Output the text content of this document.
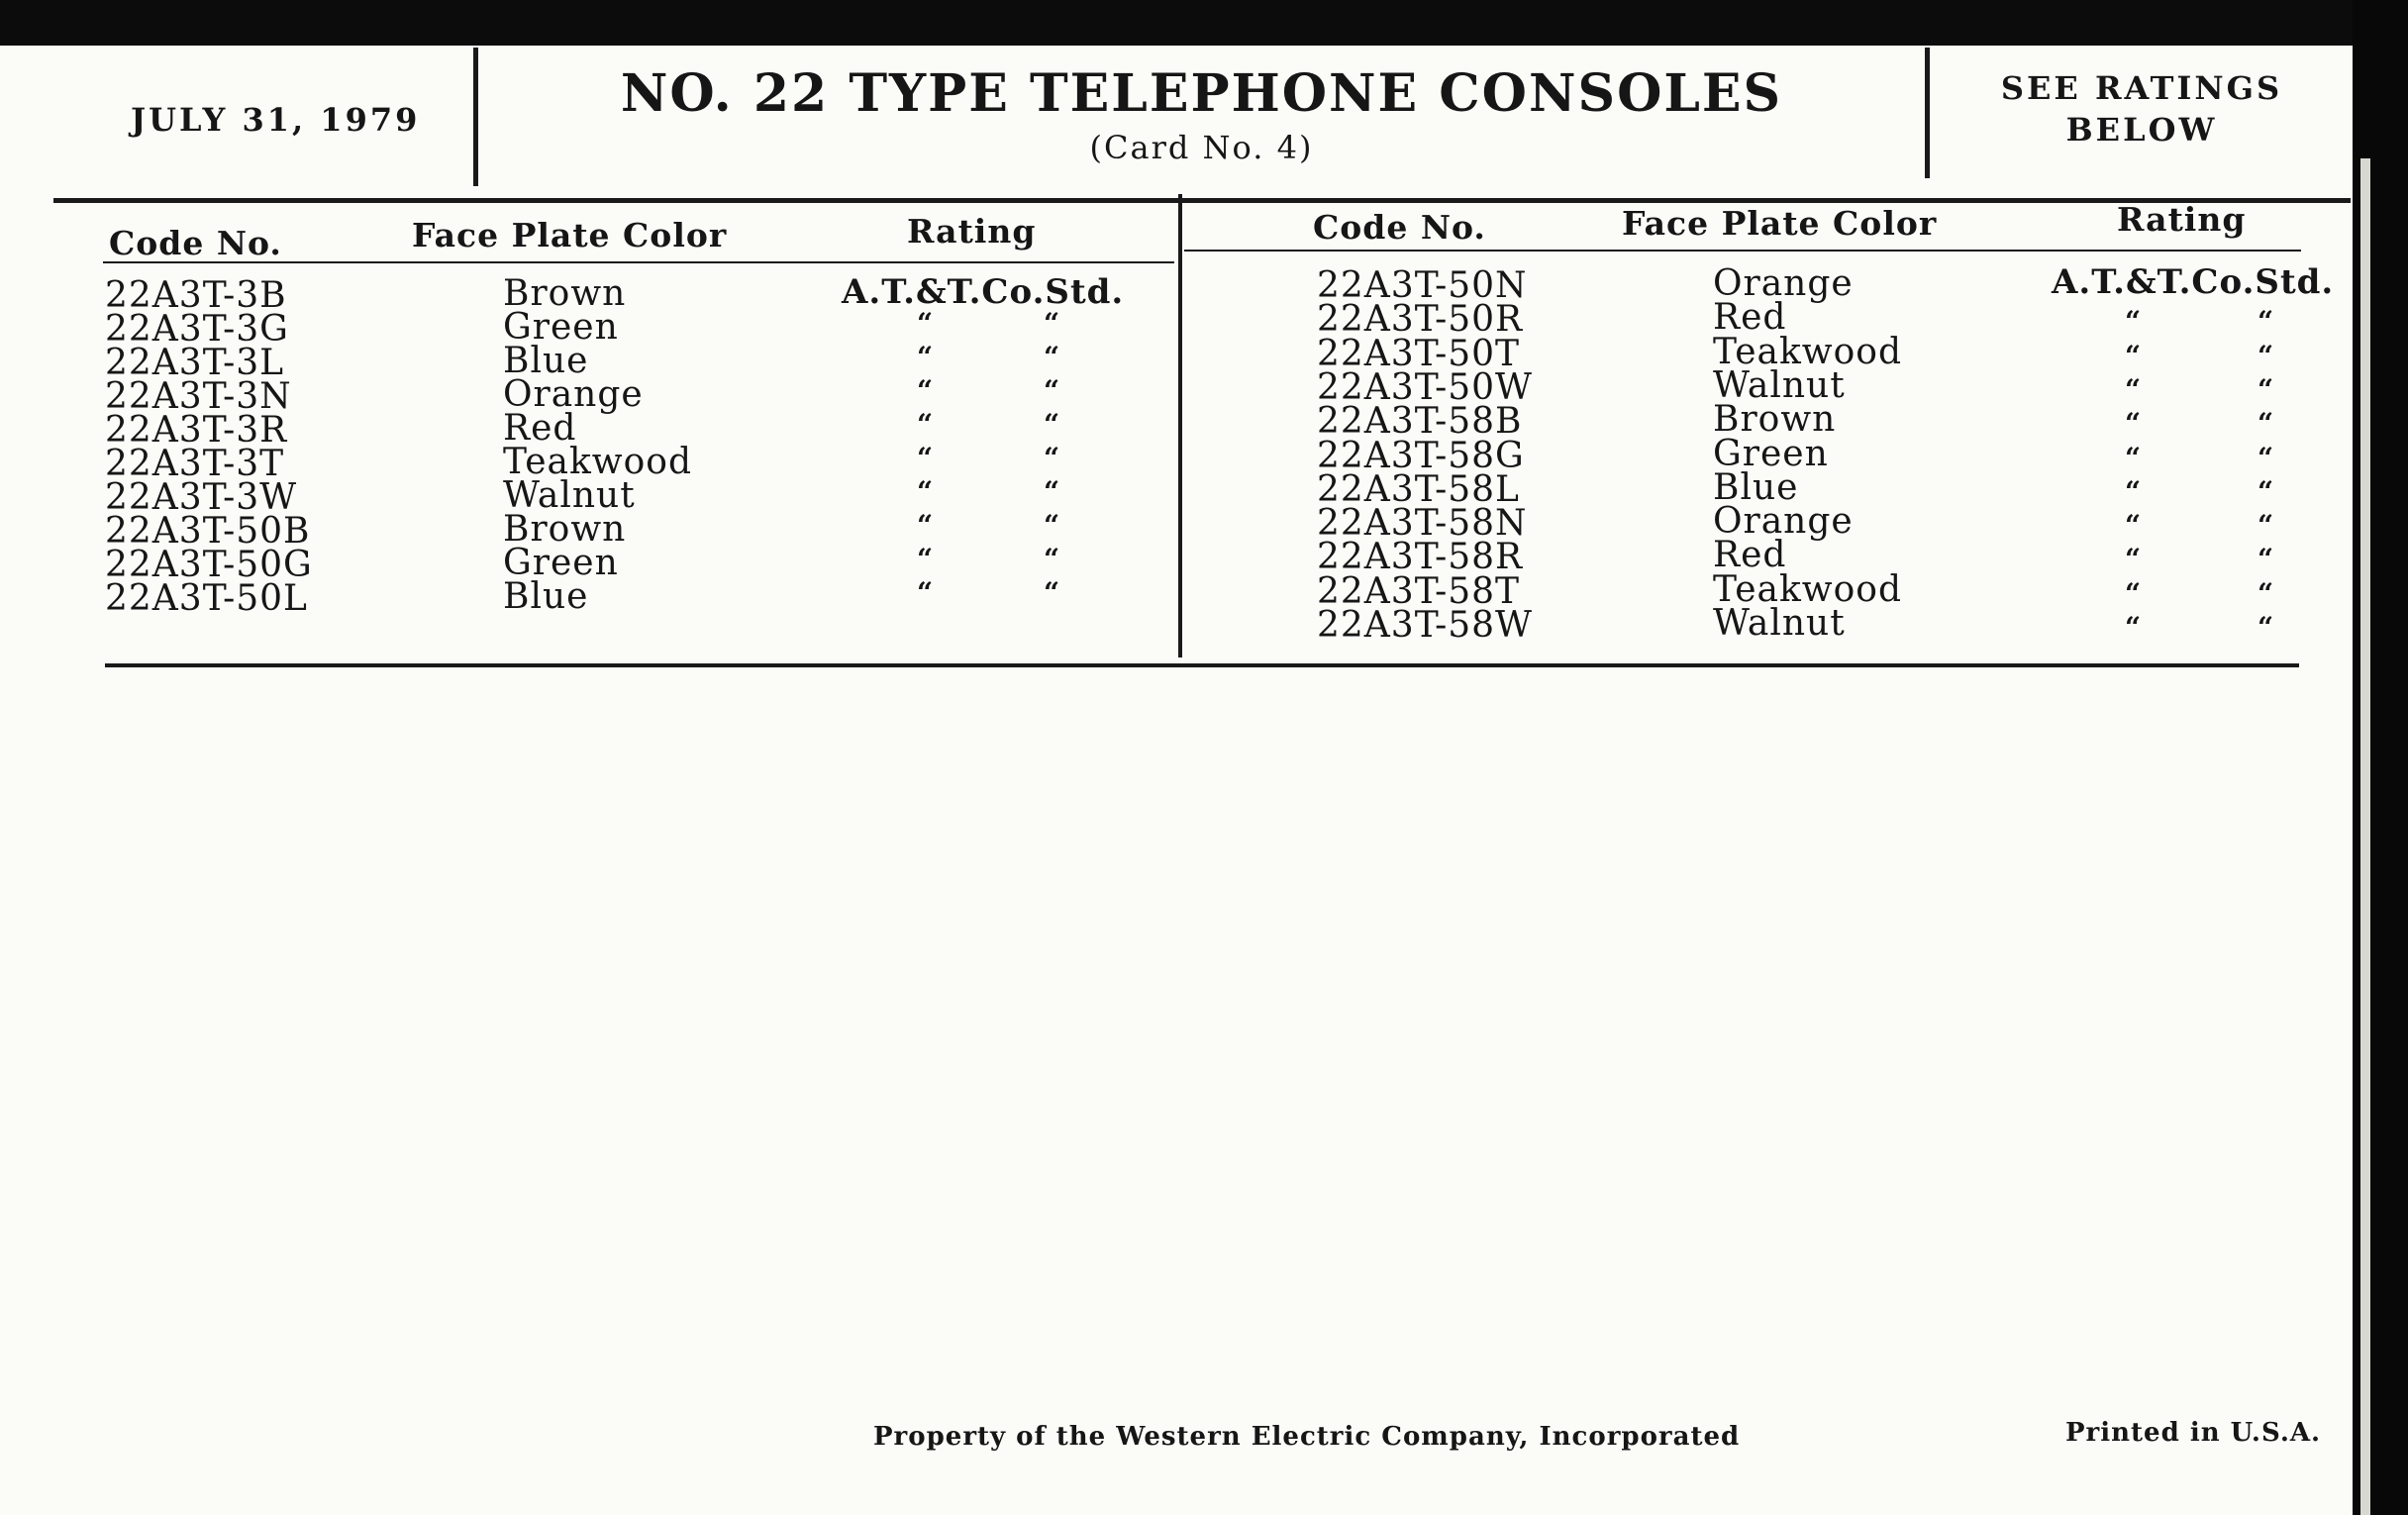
JULY 31, 1979	NO. 22 TYPE TELEPHONE CONSOLES
(Card No. 4)
SEE RATINGS
BELOW
Code No.	Face Plate Color	Rating	Code No.	Face Plate Color	Rating
22A3T-3B	Brown	A.T.&T.Co.Std.
22A3T-3G	Green	“	“
22A3T-3L	Blue	“	“
22A3T-3N	Orange	“	“
22A3T-3R	Red	“	“
22A3T-3T	Teakwood	“	“
22A3T-3W	Walnut	“	“
22A3T-50B	Brown	“	“
22A3T-50G	Green	“	“
22A3T-50L	Blue	“	“
22A3T-50N	Orange	A.T.&T.Co.Std.
22A3T-50R	Red	“	“
22A3T-50T	Teakwood	“	“
22A3T-50W	Walnut	“	“
22A3T-58B	Brown	“	“
22A3T-58G	Green	“	“
22A3T-58L	Blue	“	“
22A3T-58N	Orange	“	“
22A3T-58R	Red	“	“
22A3T-58T	Teakwood	“	“
22A3T-58W	Walnut	“	“
Property of the Western Electric Company, Incorporated	Printed in U.S.A.
